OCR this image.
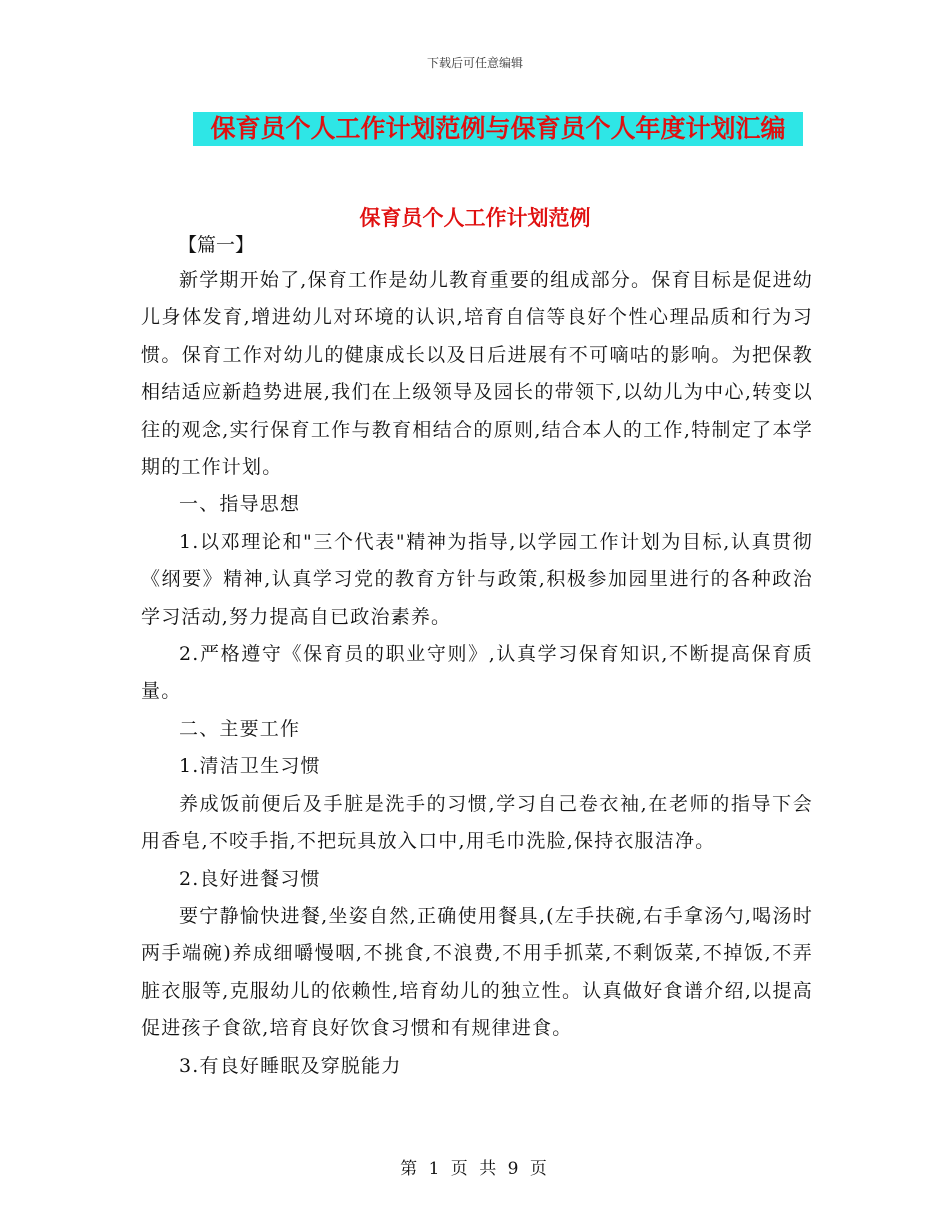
下载后可任意编辑
保育员个人工作计划范例与保育员个人年度计划汇编
保育员个人工作计划范例
【篇一】

新学期开始了,保育工作是幼儿教育重要的组成部分。保育目标是促进幼儿身体发育,增进幼儿对环境的认识,培育自信等良好个性心理品质和行为习惯。保育工作对幼儿的健康成长以及日后进展有不可嘀咕的影响。为把保教相结适应新趋势进展,我们在上级领导及园长的带领下,以幼儿为中心,转变以往的观念,实行保育工作与教育相结合的原则,结合本人的工作,特制定了本学期的工作计划。

一、指导思想

1.以邓理论和"三个代表"精神为指导,以学园工作计划为目标,认真贯彻《纲要》精神,认真学习党的教育方针与政策,积极参加园里进行的各种政治学习活动,努力提高自已政治素养。

2.严格遵守《保育员的职业守则》,认真学习保育知识,不断提高保育质量。

二、主要工作

1.清洁卫生习惯

养成饭前便后及手脏是洗手的习惯,学习自己卷衣袖,在老师的指导下会用香皂,不咬手指,不把玩具放入口中,用毛巾洗脸,保持衣服洁净。

2.良好进餐习惯

要宁静愉快进餐,坐姿自然,正确使用餐具,(左手扶碗,右手拿汤勺,喝汤时两手端碗)养成细嚼慢咽,不挑食,不浪费,不用手抓菜,不剩饭菜,不掉饭,不弄脏衣服等,克服幼儿的依赖性,培育幼儿的独立性。认真做好食谱介绍,以提高促进孩子食欲,培育良好饮食习惯和有规律进食。

3.有良好睡眠及穿脱能力

第 1 页 共 9 页
